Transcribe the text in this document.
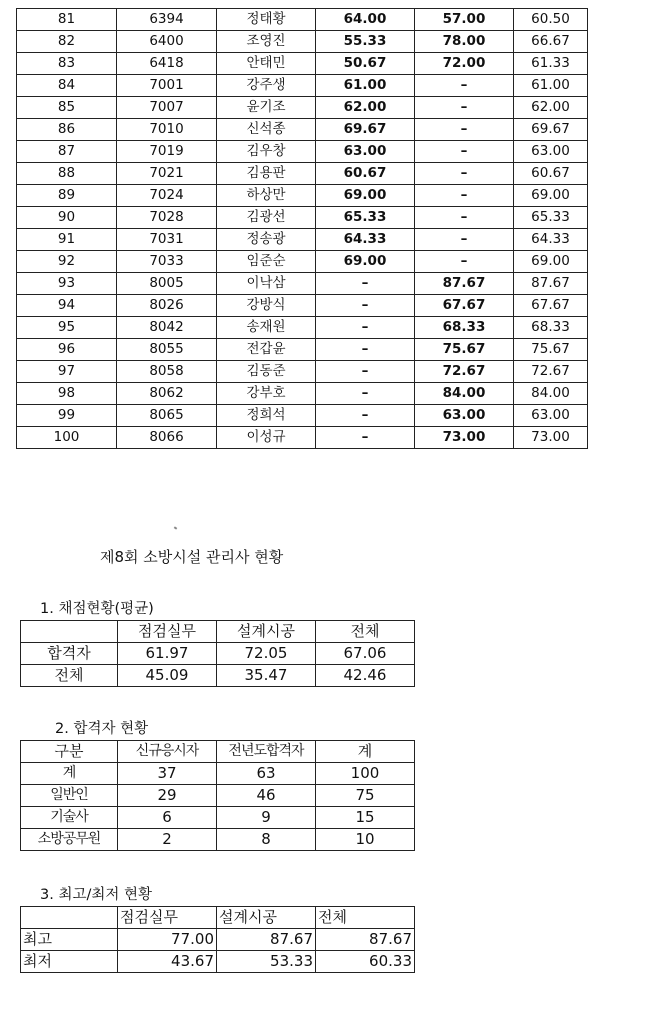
81	6394	정태황	64.00	57.00	60.50
82	6400	조영진	55.33	78.00	66.67
83	6418	안태민	50.67	72.00	61.33
84	7001	강주생	61.00	–	61.00
85	7007	윤기조	62.00	–	62.00
86	7010	신석종	69.67	–	69.67
87	7019	김우창	63.00	–	63.00
88	7021	김용판	60.67	–	60.67
89	7024	하상만	69.00	–	69.00
90	7028	김광선	65.33	–	65.33
91	7031	정송광	64.33	–	64.33
92	7033	임준순	69.00	–	69.00
93	8005	이낙삼	–	87.67	87.67
94	8026	강방식	–	67.67	67.67
95	8042	송재원	–	68.33	68.33
96	8055	전갑윤	–	75.67	75.67
97	8058	김동준	–	72.67	72.67
98	8062	강부호	–	84.00	84.00
99	8065	정희석	–	63.00	63.00
100	8066	이성규	–	73.00	73.00
제8회 소방시설 관리사 현황
1. 채점현황(평균)
	점검실무	설계시공	전체
합격자	61.97	72.05	67.06
전체	45.09	35.47	42.46
2. 합격자 현황
구분	신규응시자	전년도합격자	계
계	37	63	100
일반인	29	46	75
기술사	6	9	15
소방공무원	2	8	10
3. 최고/최저 현황
	점검실무	설계시공	전체
최고	77.00	87.67	87.67
최저	43.67	53.33	60.33
